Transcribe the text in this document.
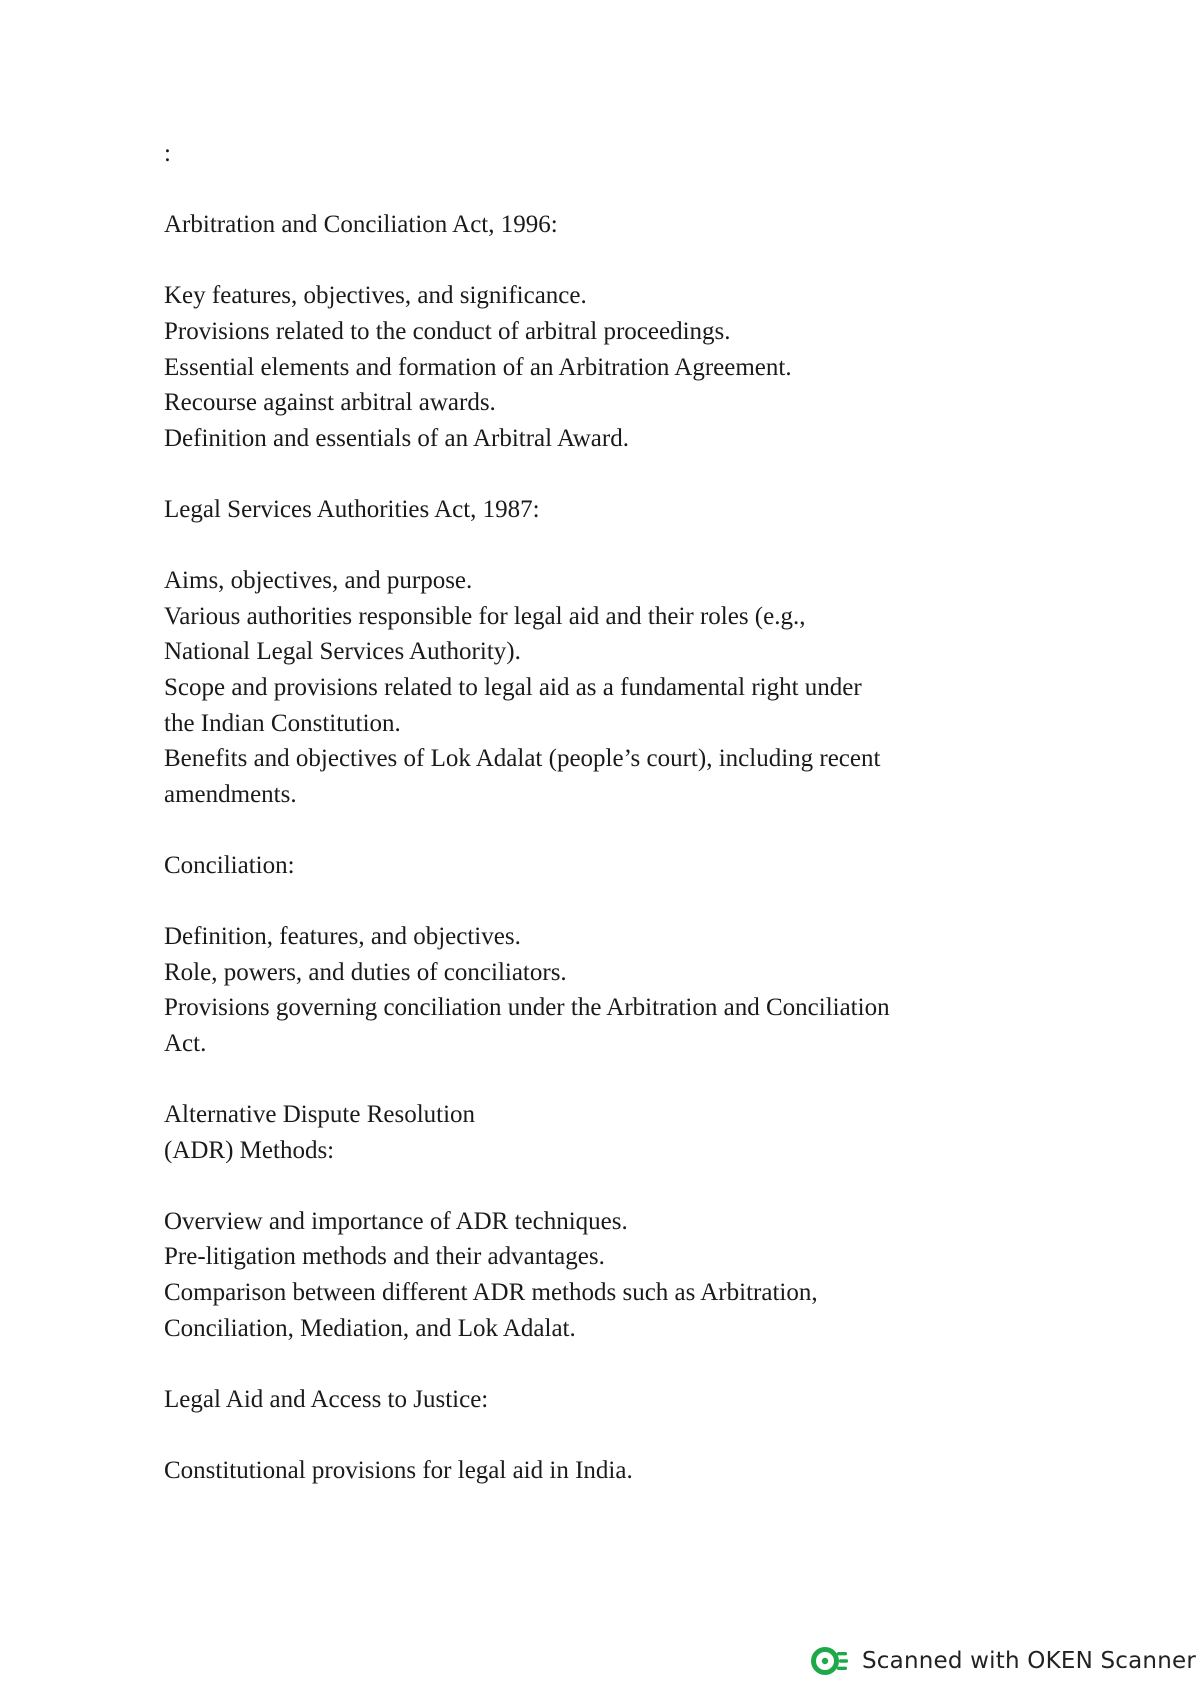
:
Arbitration and Conciliation Act, 1996:
Key features, objectives, and significance.
Provisions related to the conduct of arbitral proceedings.
Essential elements and formation of an Arbitration Agreement.
Recourse against arbitral awards.
Definition and essentials of an Arbitral Award.
Legal Services Authorities Act, 1987:
Aims, objectives, and purpose.
Various authorities responsible for legal aid and their roles (e.g.,
National Legal Services Authority).
Scope and provisions related to legal aid as a fundamental right under
the Indian Constitution.
Benefits and objectives of Lok Adalat (people’s court), including recent
amendments.
Conciliation:
Definition, features, and objectives.
Role, powers, and duties of conciliators.
Provisions governing conciliation under the Arbitration and Conciliation
Act.
Alternative Dispute Resolution
(ADR) Methods:
Overview and importance of ADR techniques.
Pre-litigation methods and their advantages.
Comparison between different ADR methods such as Arbitration,
Conciliation, Mediation, and Lok Adalat.
Legal Aid and Access to Justice:
Constitutional provisions for legal aid in India.
Scanned with OKEN Scanner
